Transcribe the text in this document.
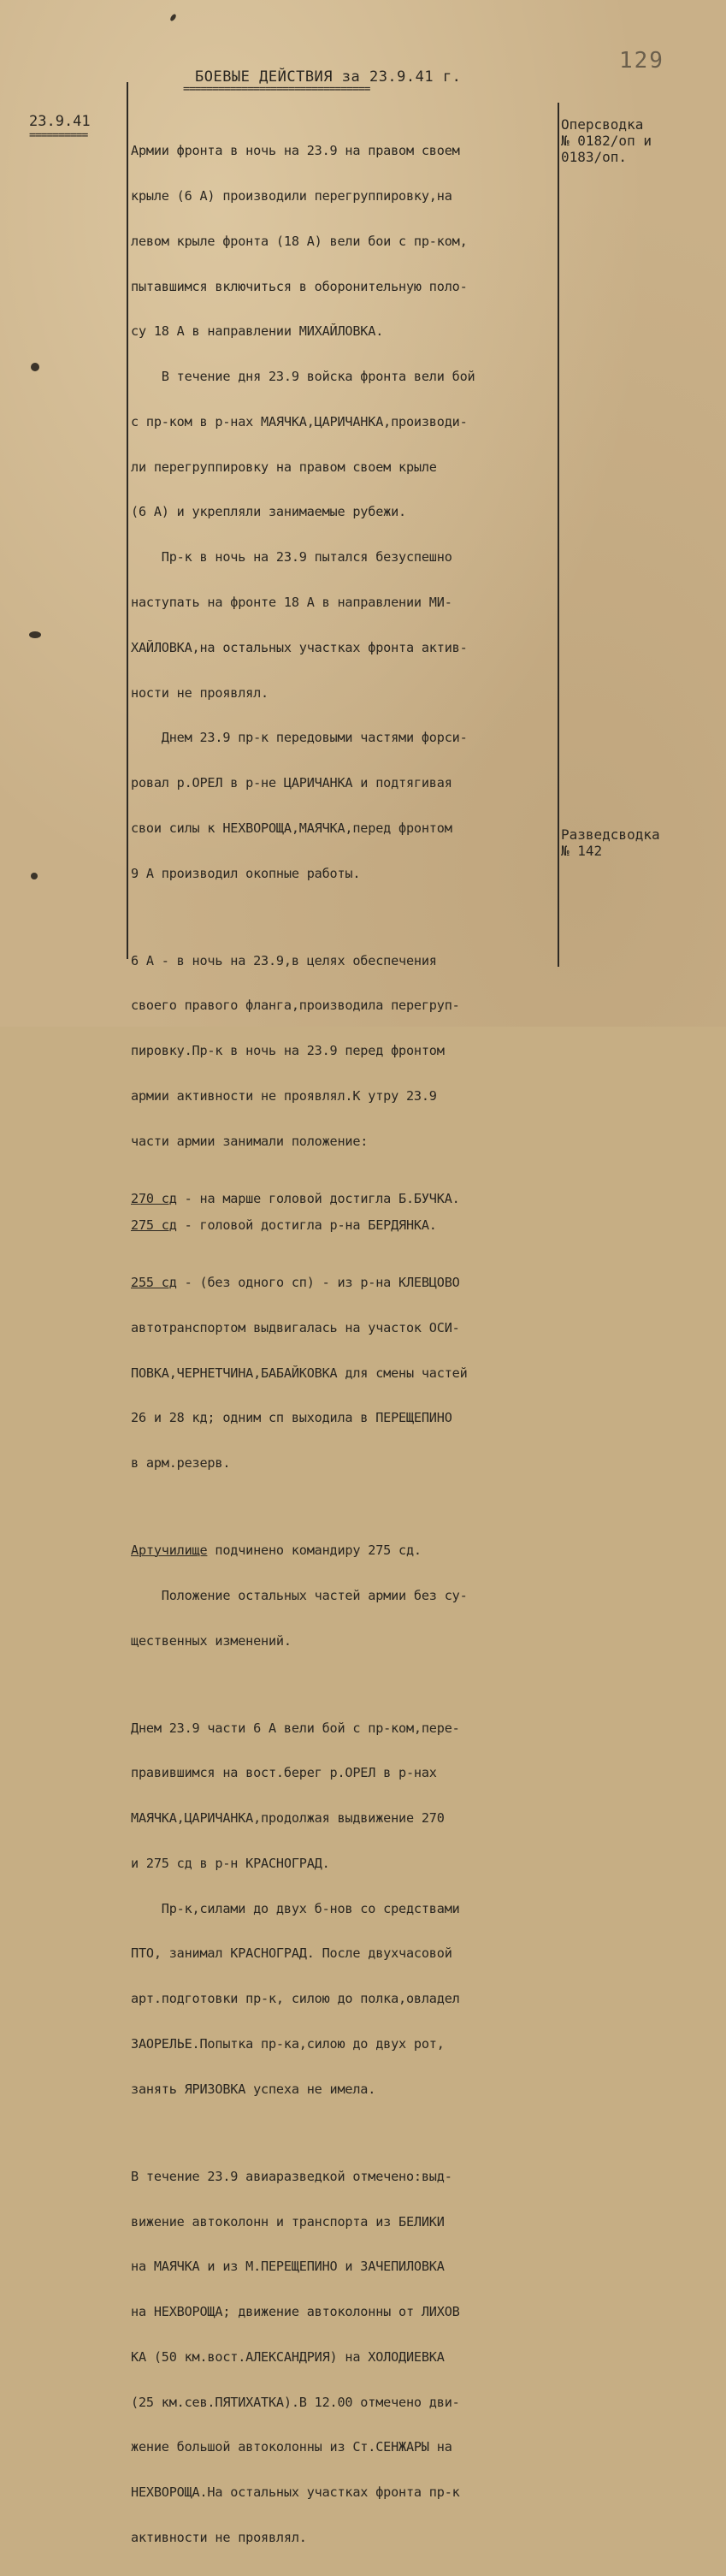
129
БОЕВЫЕ ДЕЙСТВИЯ за 23.9.41 г.
================================
23.9.41
==========
Оперсводка
№ 0182/оп и
0183/оп.
Разведсводка
№ 142

Армии фронта в ночь на 23.9 на правом своем

крыле (6 А) производили перегруппировку,на

левом крыле фронта (18 А) вели бои с пр-ком,

пытавшимся включиться в оборонительную поло-

су 18 А в направлении МИХАЙЛОВКА.

В течение дня 23.9 войска фронта вели бой

с пр-ком в р-нах МАЯЧКА,ЦАРИЧАНКА,производи-

ли перегруппировку на правом своем крыле

(6 А) и укрепляли занимаемые рубежи.

Пр-к в ночь на 23.9 пытался безуспешно

наступать на фронте 18 А в направлении МИ-

ХАЙЛОВКА,на остальных участках фронта актив-

ности не проявлял.

Днем 23.9 пр-к передовыми частями форси-

ровал р.ОРЕЛ в р-не ЦАРИЧАНКА и подтягивая

свои силы к НЕХВОРОЩА,МАЯЧКА,перед фронтом

9 А производил окопные работы.

6 А - в ночь на 23.9,в целях обеспечения

своего правого фланга,производила перегруп-

пировку.Пр-к в ночь на 23.9 перед фронтом

армии активности не проявлял.К утру 23.9

части армии занимали положение:

270 сд - на марше головой достигла Б.БУЧКА.
275 сд - головой достигла р-на БЕРДЯНКА.

255 сд - (без одного сп) - из р-на КЛЕВЦОВО

автотранспортом выдвигалась на участок ОСИ-

ПОВКА,ЧЕРНЕТЧИНА,БАБАЙКОВКА для смены частей

26 и 28 кд; одним сп выходила в ПЕРЕЩЕПИНО

в арм.резерв.

Артучилище подчинено командиру 275 сд.

Положение остальных частей армии без су-

щественных изменений.

Днем 23.9 части 6 А вели бой с пр-ком,пере-

правившимся на вост.берег р.ОРЕЛ в р-нах

МАЯЧКА,ЦАРИЧАНКА,продолжая выдвижение 270

и 275 сд в р-н КРАСНОГРАД.

Пр-к,силами до двух б-нов со средствами

ПТО, занимал КРАСНОГРАД. После двухчасовой

арт.подготовки пр-к, силою до полка,овладел

ЗАОРЕЛЬЕ.Попытка пр-ка,силою до двух рот,

занять ЯРИЗОВКА успеха не имела.

В течение 23.9 авиаразведкой отмечено:выд-

вижение автоколонн и транспорта из БЕЛИКИ

на МАЯЧКА и из М.ПЕРЕЩЕПИНО и ЗАЧЕПИЛОВКА

на НЕХВОРОЩА; движение автоколонны от ЛИХОВ

КА (50 км.вост.АЛЕКСАНДРИЯ) на ХОЛОДИЕВКА

(25 км.сев.ПЯТИХАТКА).В 12.00 отмечено дви-

жение большой автоколонны из Ст.СЕНЖАРЫ на

НЕХВОРОЩА.На остальных участках фронта пр-к

активности не проявлял.
